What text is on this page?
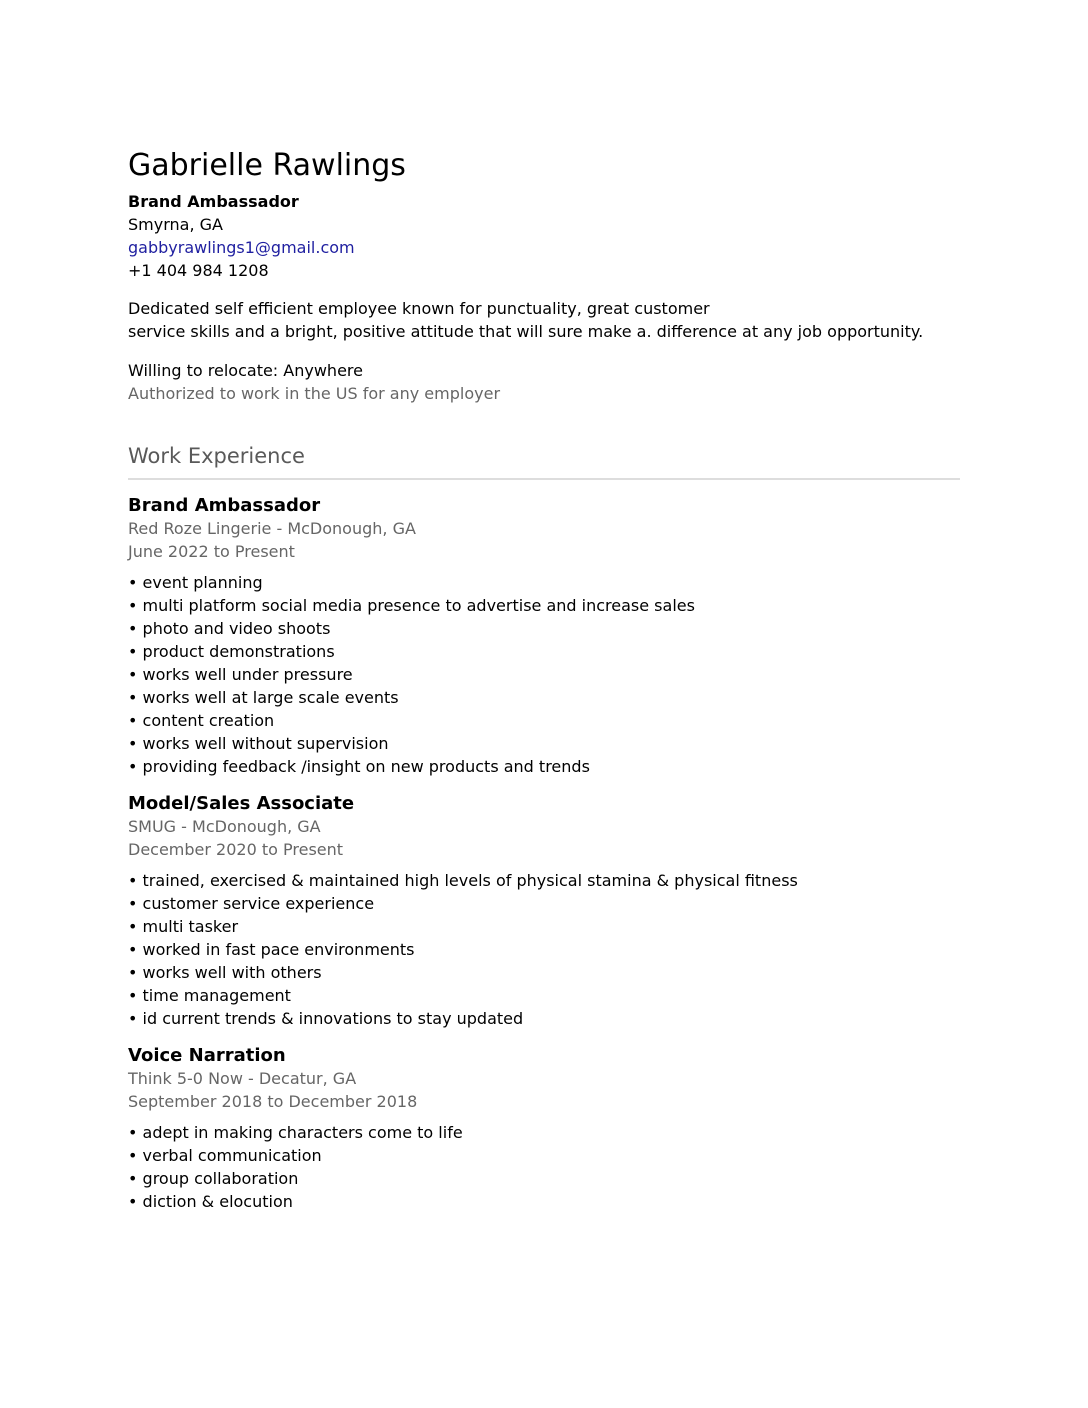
Gabrielle Rawlings
Brand Ambassador
Smyrna, GA
gabbyrawlings1@gmail.com
+1 404 984 1208
Dedicated self efficient employee known for punctuality, great customer
service skills and a bright, positive attitude that will sure make a. difference at any job opportunity.
Willing to relocate: Anywhere
Authorized to work in the US for any employer
Work Experience
Brand Ambassador
Red Roze Lingerie - McDonough, GA
June 2022 to Present
• event planning
• multi platform social media presence to advertise and increase sales
• photo and video shoots
• product demonstrations
• works well under pressure
• works well at large scale events
• content creation
• works well without supervision
• providing feedback /insight on new products and trends
Model/Sales Associate
SMUG - McDonough, GA
December 2020 to Present
• trained, exercised & maintained high levels of physical stamina & physical fitness
• customer service experience
• multi tasker
• worked in fast pace environments
• works well with others
• time management
• id current trends & innovations to stay updated
Voice Narration
Think 5-0 Now - Decatur, GA
September 2018 to December 2018
• adept in making characters come to life
• verbal communication
• group collaboration
• diction & elocution
